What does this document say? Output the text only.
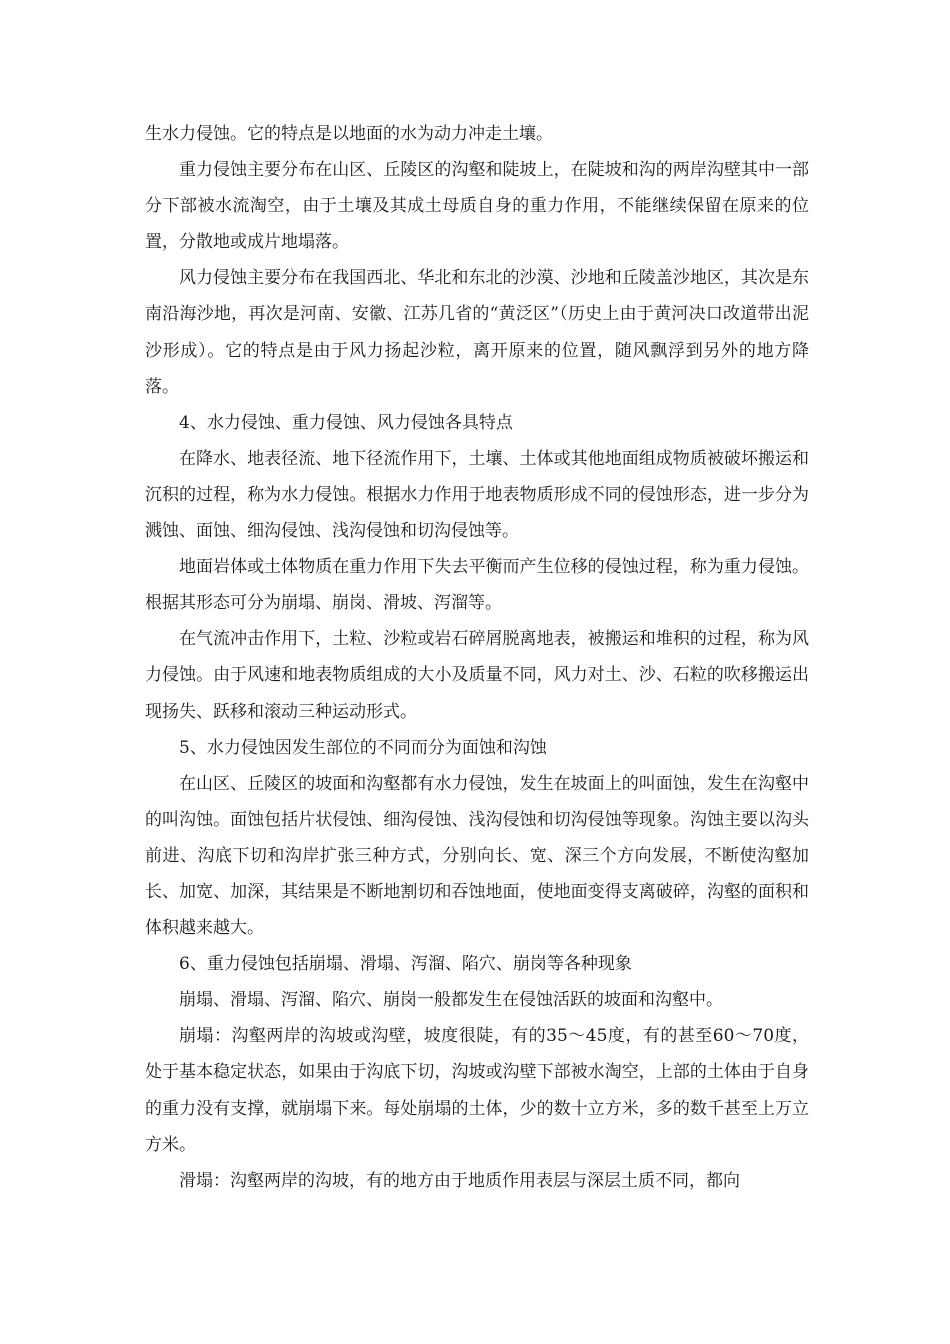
生水力侵蚀。它的特点是以地面的水为动力冲走土壤。

重力侵蚀主要分布在山区、丘陵区的沟壑和陡坡上，在陡坡和沟的两岸沟壁其中一部分下部被水流淘空，由于土壤及其成土母质自身的重力作用，不能继续保留在原来的位置，分散地或成片地塌落。

风力侵蚀主要分布在我国西北、华北和东北的沙漠、沙地和丘陵盖沙地区，其次是东南沿海沙地，再次是河南、安徽、江苏几省的“黄泛区”（历史上由于黄河决口改道带出泥沙形成）。它的特点是由于风力扬起沙粒，离开原来的位置，随风飘浮到另外的地方降落。

4、水力侵蚀、重力侵蚀、风力侵蚀各具特点

在降水、地表径流、地下径流作用下，土壤、土体或其他地面组成物质被破坏搬运和沉积的过程，称为水力侵蚀。根据水力作用于地表物质形成不同的侵蚀形态，进一步分为溅蚀、面蚀、细沟侵蚀、浅沟侵蚀和切沟侵蚀等。

地面岩体或土体物质在重力作用下失去平衡而产生位移的侵蚀过程，称为重力侵蚀。根据其形态可分为崩塌、崩岗、滑坡、泻溜等。

在气流冲击作用下，土粒、沙粒或岩石碎屑脱离地表，被搬运和堆积的过程，称为风力侵蚀。由于风速和地表物质组成的大小及质量不同，风力对土、沙、石粒的吹移搬运出现扬失、跃移和滚动三种运动形式。

5、水力侵蚀因发生部位的不同而分为面蚀和沟蚀

在山区、丘陵区的坡面和沟壑都有水力侵蚀，发生在坡面上的叫面蚀，发生在沟壑中的叫沟蚀。面蚀包括片状侵蚀、细沟侵蚀、浅沟侵蚀和切沟侵蚀等现象。沟蚀主要以沟头前进、沟底下切和沟岸扩张三种方式，分别向长、宽、深三个方向发展，不断使沟壑加长、加宽、加深，其结果是不断地割切和吞蚀地面，使地面变得支离破碎，沟壑的面积和体积越来越大。

6、重力侵蚀包括崩塌、滑塌、泻溜、陷穴、崩岗等各种现象

崩塌、滑塌、泻溜、陷穴、崩岗一般都发生在侵蚀活跃的坡面和沟壑中。

崩塌：沟壑两岸的沟坡或沟壁，坡度很陡，有的35～45度，有的甚至60～70度，处于基本稳定状态，如果由于沟底下切，沟坡或沟壁下部被水淘空，上部的土体由于自身的重力没有支撑，就崩塌下来。每处崩塌的土体，少的数十立方米，多的数千甚至上万立方米。

滑塌：沟壑两岸的沟坡，有的地方由于地质作用表层与深层土质不同，都向
